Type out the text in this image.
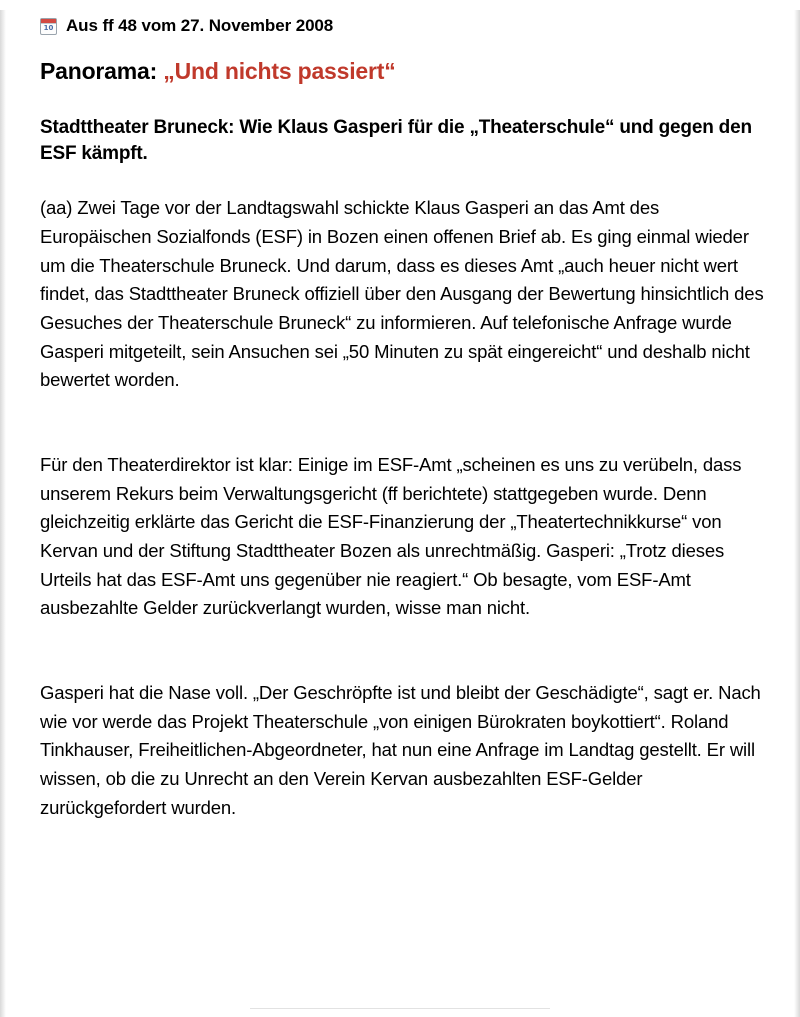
10 Aus ff 48 vom 27. November 2008
Panorama: „Und nichts passiert“
Stadttheater Bruneck: Wie Klaus Gasperi für die „Theaterschule“ und gegen den ESF kämpft.

(aa) Zwei Tage vor der Landtagswahl schickte Klaus Gasperi an das Amt des Europäischen Sozialfonds (ESF) in Bozen einen offenen Brief ab. Es ging einmal wieder um die Theaterschule Bruneck. Und darum, dass es dieses Amt „auch heuer nicht wert findet, das Stadttheater Bruneck offiziell über den Ausgang der Bewertung hinsichtlich des Gesuches der Theaterschule Bruneck“ zu informieren. Auf telefonische Anfrage wurde Gasperi mitgeteilt, sein Ansuchen sei „50 Minuten zu spät eingereicht“ und deshalb nicht bewertet worden.

Für den Theaterdirektor ist klar: Einige im ESF-Amt „scheinen es uns zu verübeln, dass unserem Rekurs beim Verwaltungsgericht (ff berichtete) stattgegeben wurde. Denn gleichzeitig erklärte das Gericht die ESF-Finanzierung der „Theatertechnikkurse“ von Kervan und der Stiftung Stadttheater Bozen als unrechtmäßig. Gasperi: „Trotz dieses Urteils hat das ESF-Amt uns gegenüber nie reagiert.“ Ob besagte, vom ESF-Amt ausbezahlte Gelder zurückverlangt wurden, wisse man nicht.

Gasperi hat die Nase voll. „Der Geschröpfte ist und bleibt der Geschädigte“, sagt er. Nach wie vor werde das Projekt Theaterschule „von einigen Bürokraten boykottiert“. Roland Tinkhauser, Freiheitlichen-Abgeordneter, hat nun eine Anfrage im Landtag gestellt. Er will wissen, ob die zu Unrecht an den Verein Kervan ausbezahlten ESF-Gelder zurückgefordert wurden.
